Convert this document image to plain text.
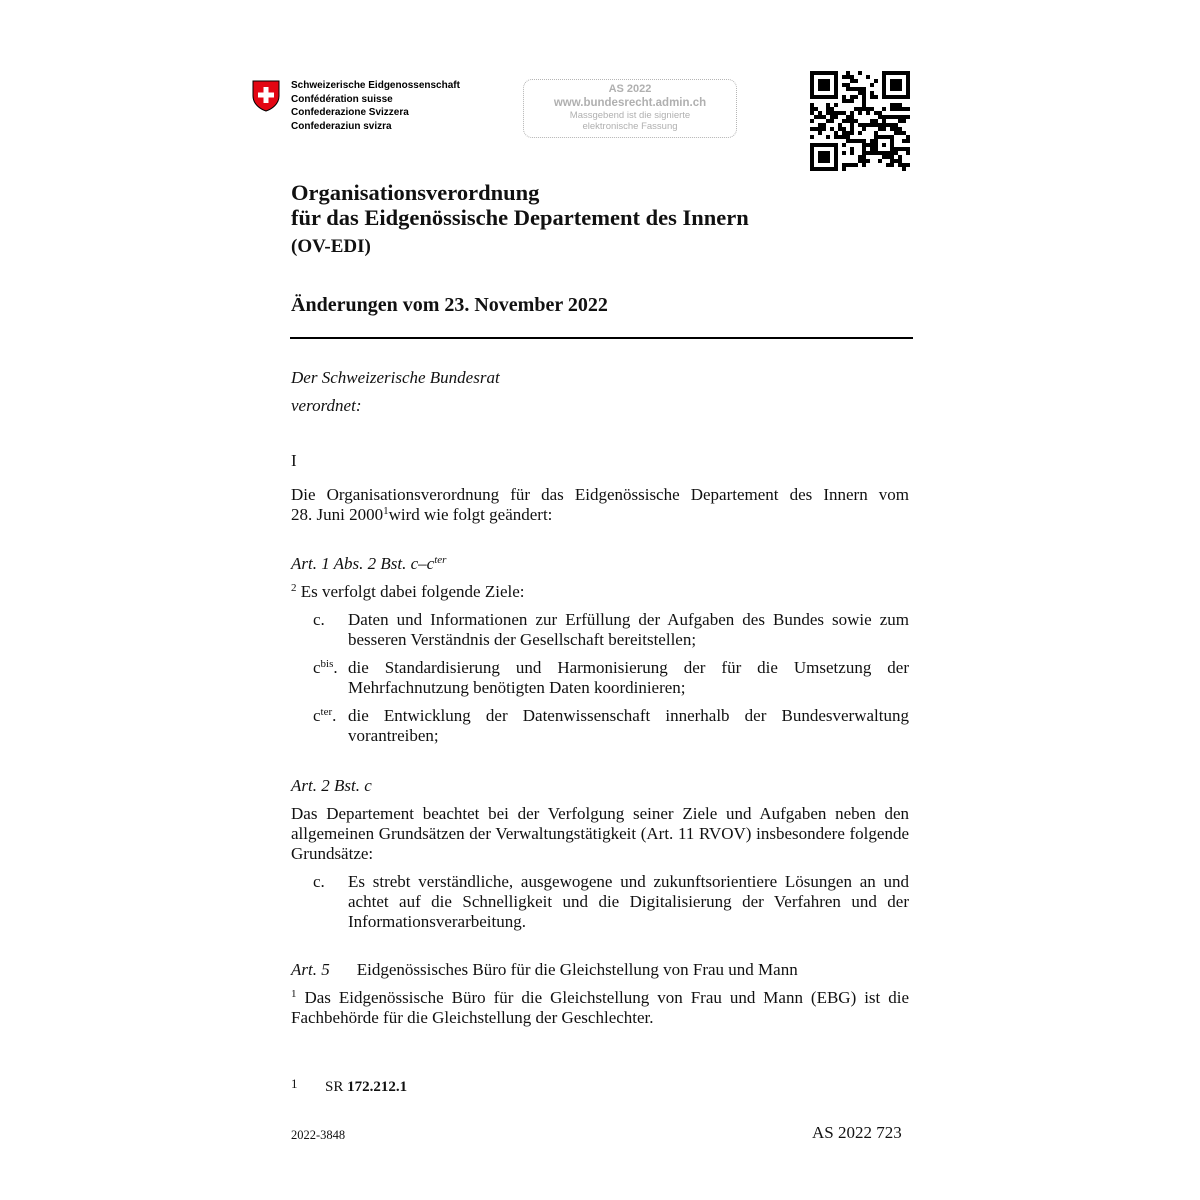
Schweizerische Eidgenossenschaft
Confédération suisse
Confederazione Svizzera
Confederaziun svizra
AS 2022
www.bundesrecht.admin.ch
Massgebend ist die signierte
elektronische Fassung
Organisationsverordnung
für das Eidgenössische Departement des Innern
(OV-EDI)
Änderungen vom 23. November 2022
Der Schweizerische Bundesrat
verordnet:
I
Die Organisationsverordnung für das Eidgenössische Departement des Innern vom
28. Juni 2000$^1$wird wie folgt geändert:
Art. 1 Abs. 2 Bst. $c-c^{ter}$
$^2$ Es verfolgt dabei folgende Ziele:
c. Daten und Informationen zur Erfüllung der Aufgaben des Bundes sowie zum besseren Verständnis der Gesellschaft bereitstellen;
$c^{bis}$. die Standardisierung und Harmonisierung der für die Umsetzung der Mehrfachnutzung benötigten Daten koordinieren;
$c^{ter}$. die Entwicklung der Datenwissenschaft innerhalb der Bundesverwaltung vorantreiben;
Art. 2 Bst. c
Das Departement beachtet bei der Verfolgung seiner Ziele und Aufgaben neben den allgemeinen Grundsätzen der Verwaltungstätigkeit (Art. 11 RVOV) insbesondere folgende Grundsätze:
c. Es strebt verständliche, ausgewogene und zukunftsorientiere Lösungen an und achtet auf die Schnelligkeit und die Digitalisierung der Verfahren und der Informationsverarbeitung.
Art. 5 Eidgenössisches Büro für die Gleichstellung von Frau und Mann
$^1$ Das Eidgenössische Büro für die Gleichstellung von Frau und Mann (EBG) ist die Fachbehörde für die Gleichstellung der Geschlechter.
1 SR 172.212.1
2022-3848	AS 2022 723
